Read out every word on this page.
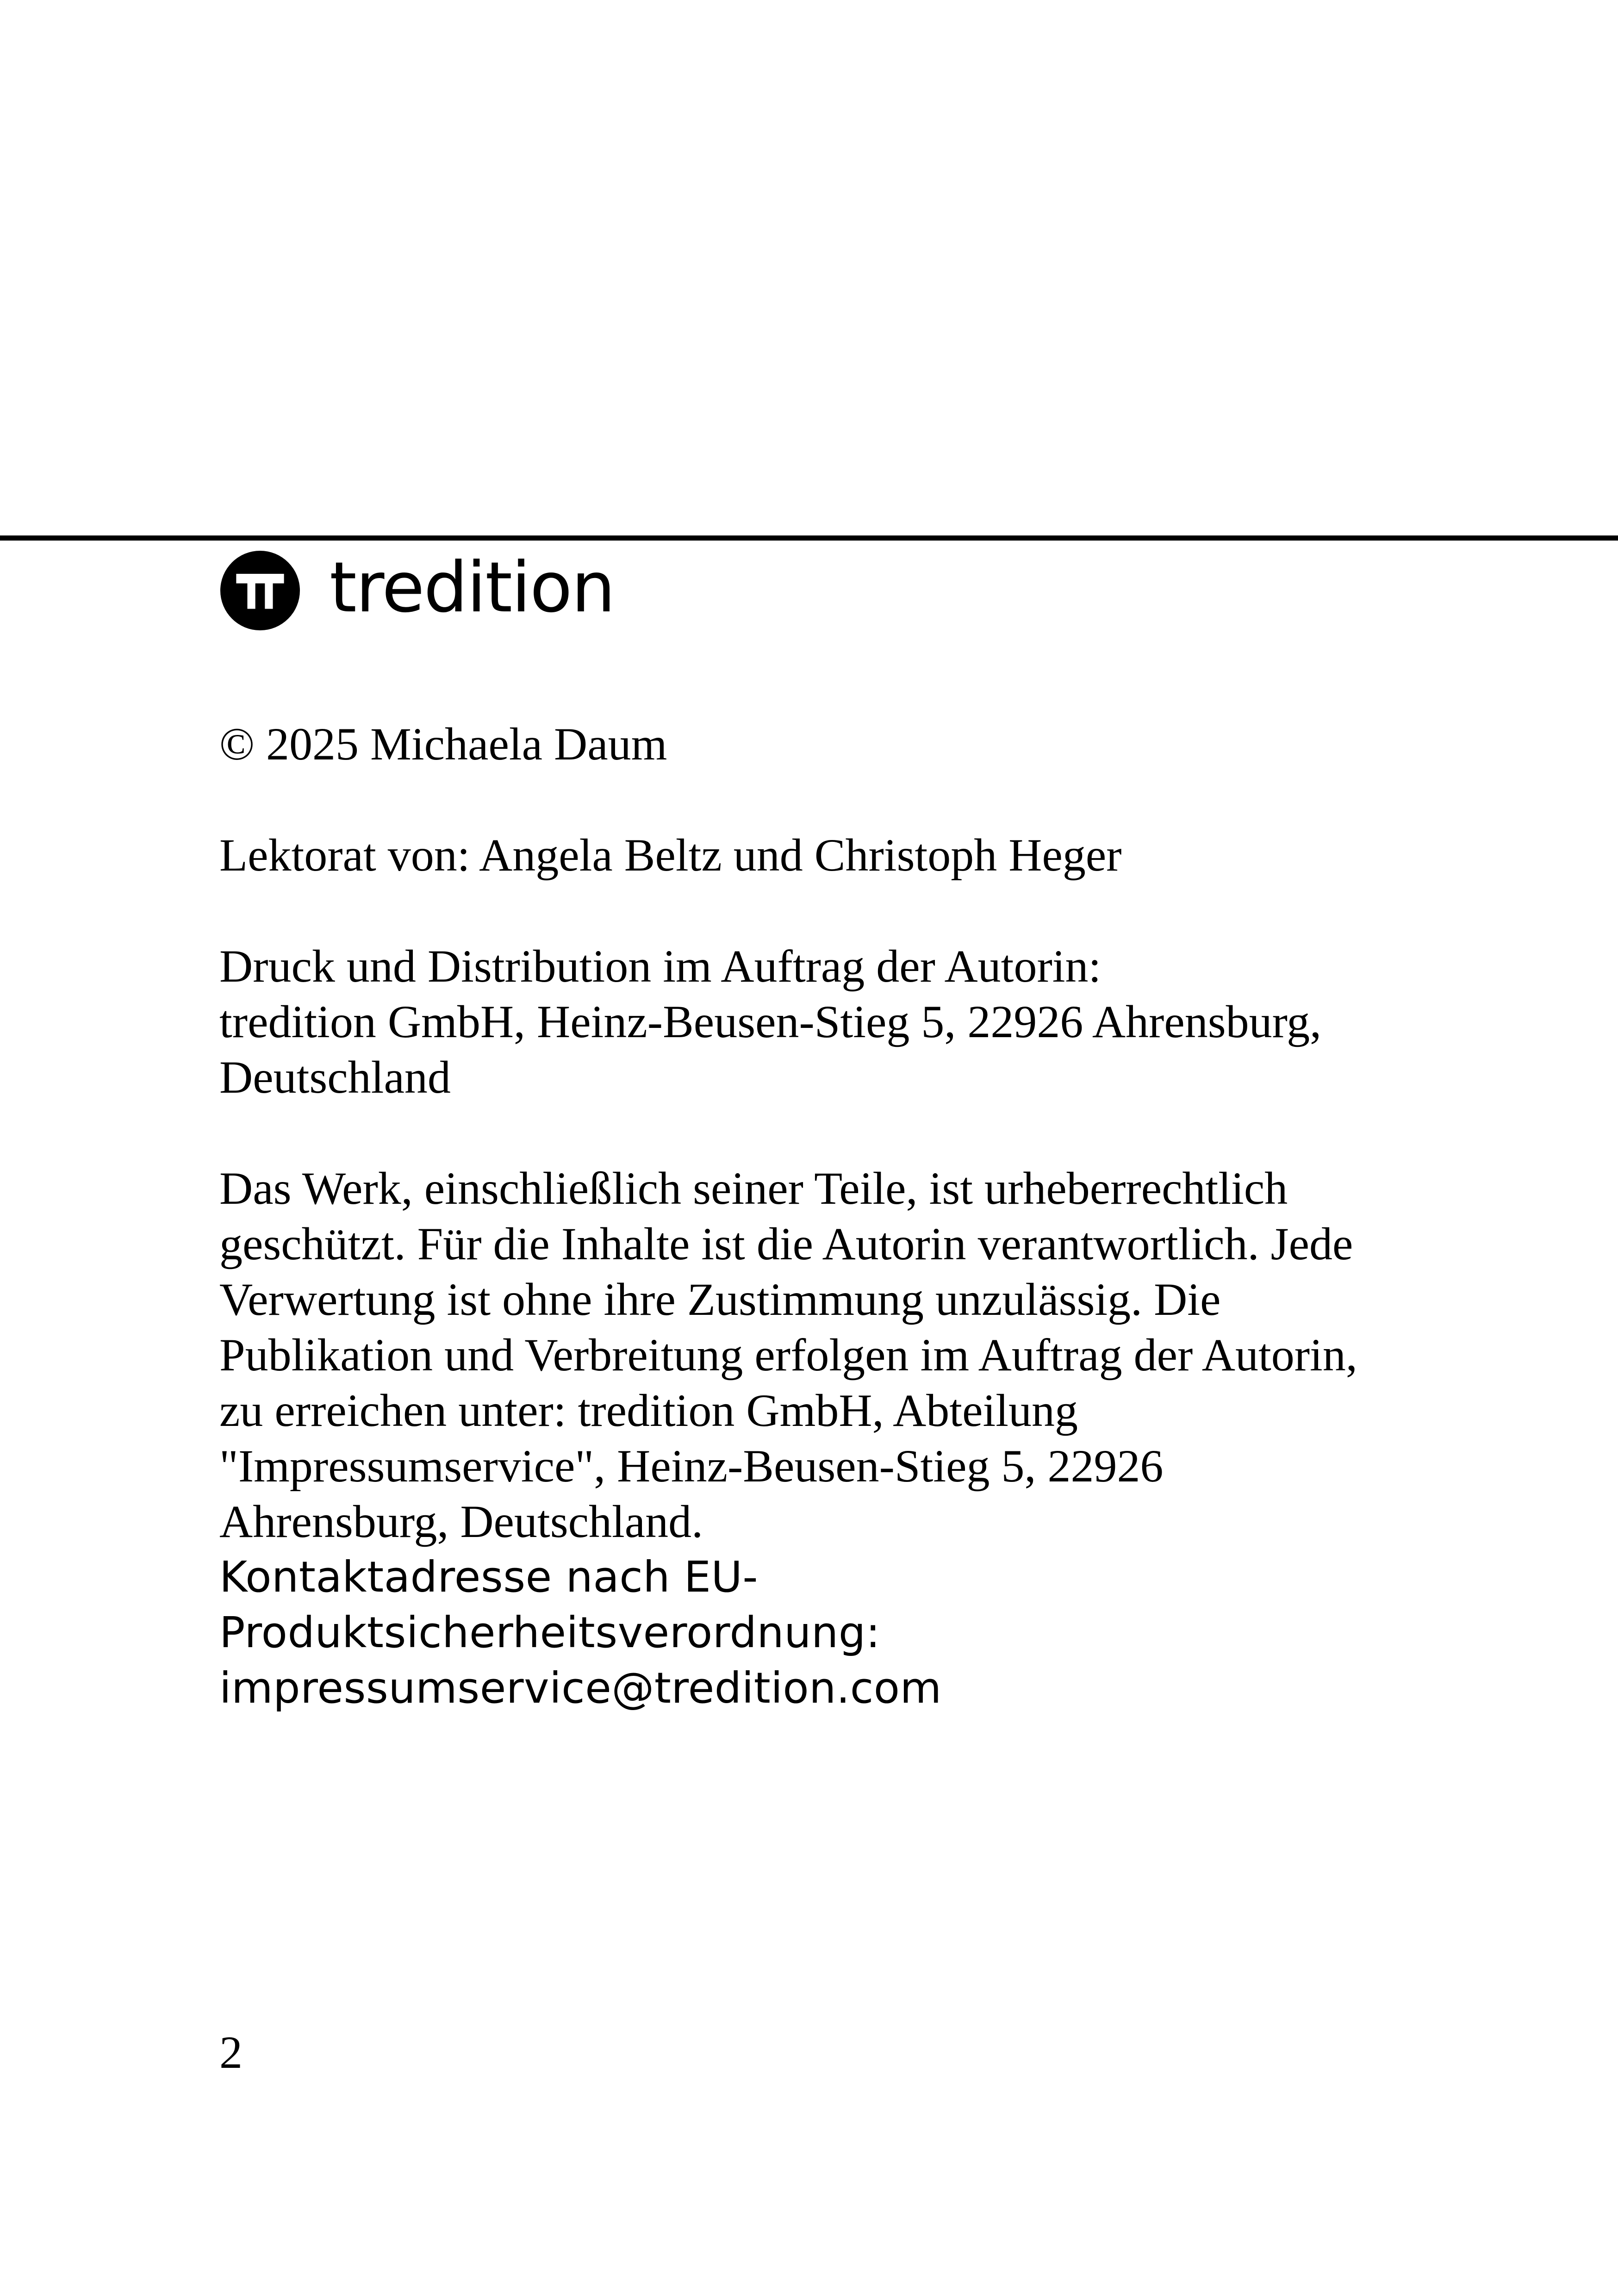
tredition

© 2025 Michaela Daum

Lektorat von: Angela Beltz und Christoph Heger

Druck und Distribution im Auftrag der Autorin:

tredition GmbH, Heinz-Beusen-Stieg 5, 22926 Ahrensburg,

Deutschland

Das Werk, einschließlich seiner Teile, ist urheberrechtlich

geschützt. Für die Inhalte ist die Autorin verantwortlich. Jede

Verwertung ist ohne ihre Zustimmung unzulässig. Die

Publikation und Verbreitung erfolgen im Auftrag der Autorin,

zu erreichen unter: tredition GmbH, Abteilung

"Impressumservice", Heinz-Beusen-Stieg 5, 22926

Ahrensburg, Deutschland.

Kontaktadresse nach EU-

Produktsicherheitsverordnung:

impressumservice@tredition.com

2
